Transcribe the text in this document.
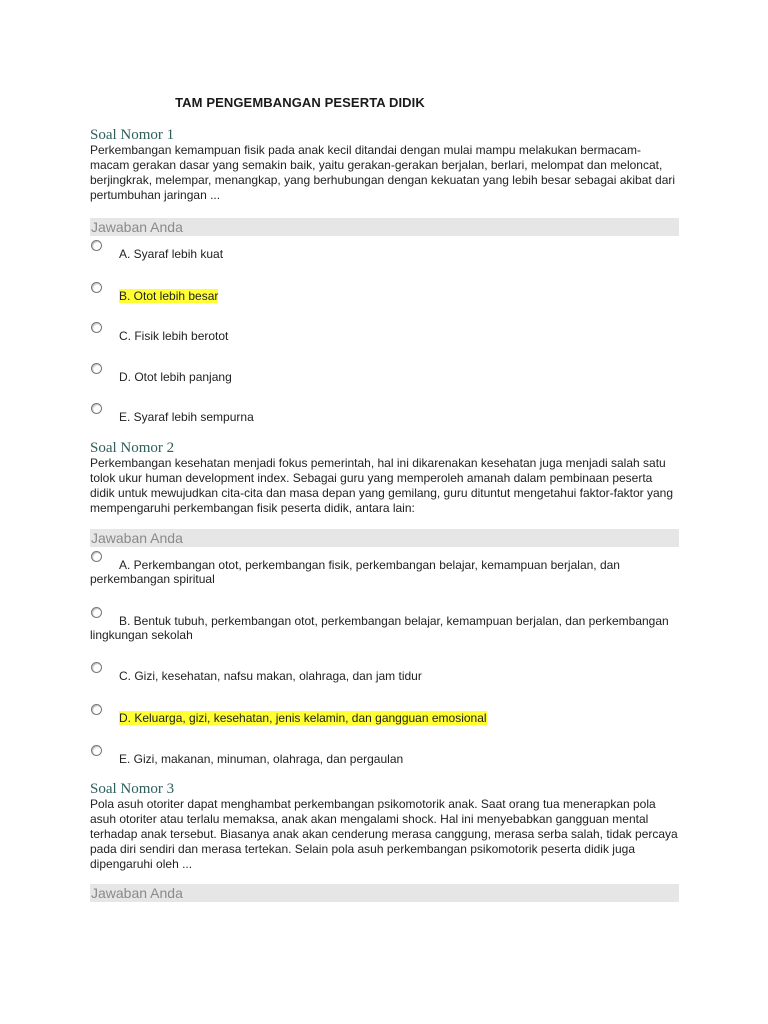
TAM PENGEMBANGAN PESERTA DIDIK
Soal Nomor 1
Perkembangan kemampuan fisik pada anak kecil ditandai dengan mulai mampu melakukan bermacam-macam gerakan dasar yang semakin baik, yaitu gerakan-gerakan berjalan, berlari, melompat dan meloncat, berjingkrak, melempar, menangkap, yang berhubungan dengan kekuatan yang lebih besar sebagai akibat dari pertumbuhan jaringan ...
Jawaban Anda
A. Syaraf lebih kuat
B. Otot lebih besar
C. Fisik lebih berotot
D. Otot lebih panjang
E. Syaraf lebih sempurna
Soal Nomor 2
Perkembangan kesehatan menjadi fokus pemerintah, hal ini dikarenakan kesehatan juga menjadi salah satu tolok ukur human development index. Sebagai guru yang memperoleh amanah dalam pembinaan peserta didik untuk mewujudkan cita-cita dan masa depan yang gemilang, guru dituntut mengetahui faktor-faktor yang mempengaruhi perkembangan fisik peserta didik, antara lain:
Jawaban Anda
A. Perkembangan otot, perkembangan fisik, perkembangan belajar, kemampuan berjalan, dan perkembangan spiritual
B. Bentuk tubuh, perkembangan otot, perkembangan belajar, kemampuan berjalan, dan perkembangan lingkungan sekolah
C. Gizi, kesehatan, nafsu makan, olahraga, dan jam tidur
D. Keluarga, gizi, kesehatan, jenis kelamin, dan gangguan emosional
E. Gizi, makanan, minuman, olahraga, dan pergaulan
Soal Nomor 3
Pola asuh otoriter dapat menghambat perkembangan psikomotorik anak. Saat orang tua menerapkan pola asuh otoriter atau terlalu memaksa, anak akan mengalami shock. Hal ini menyebabkan gangguan mental terhadap anak tersebut. Biasanya anak akan cenderung merasa canggung, merasa serba salah, tidak percaya pada diri sendiri dan merasa tertekan. Selain pola asuh perkembangan psikomotorik peserta didik juga dipengaruhi oleh ...
Jawaban Anda
